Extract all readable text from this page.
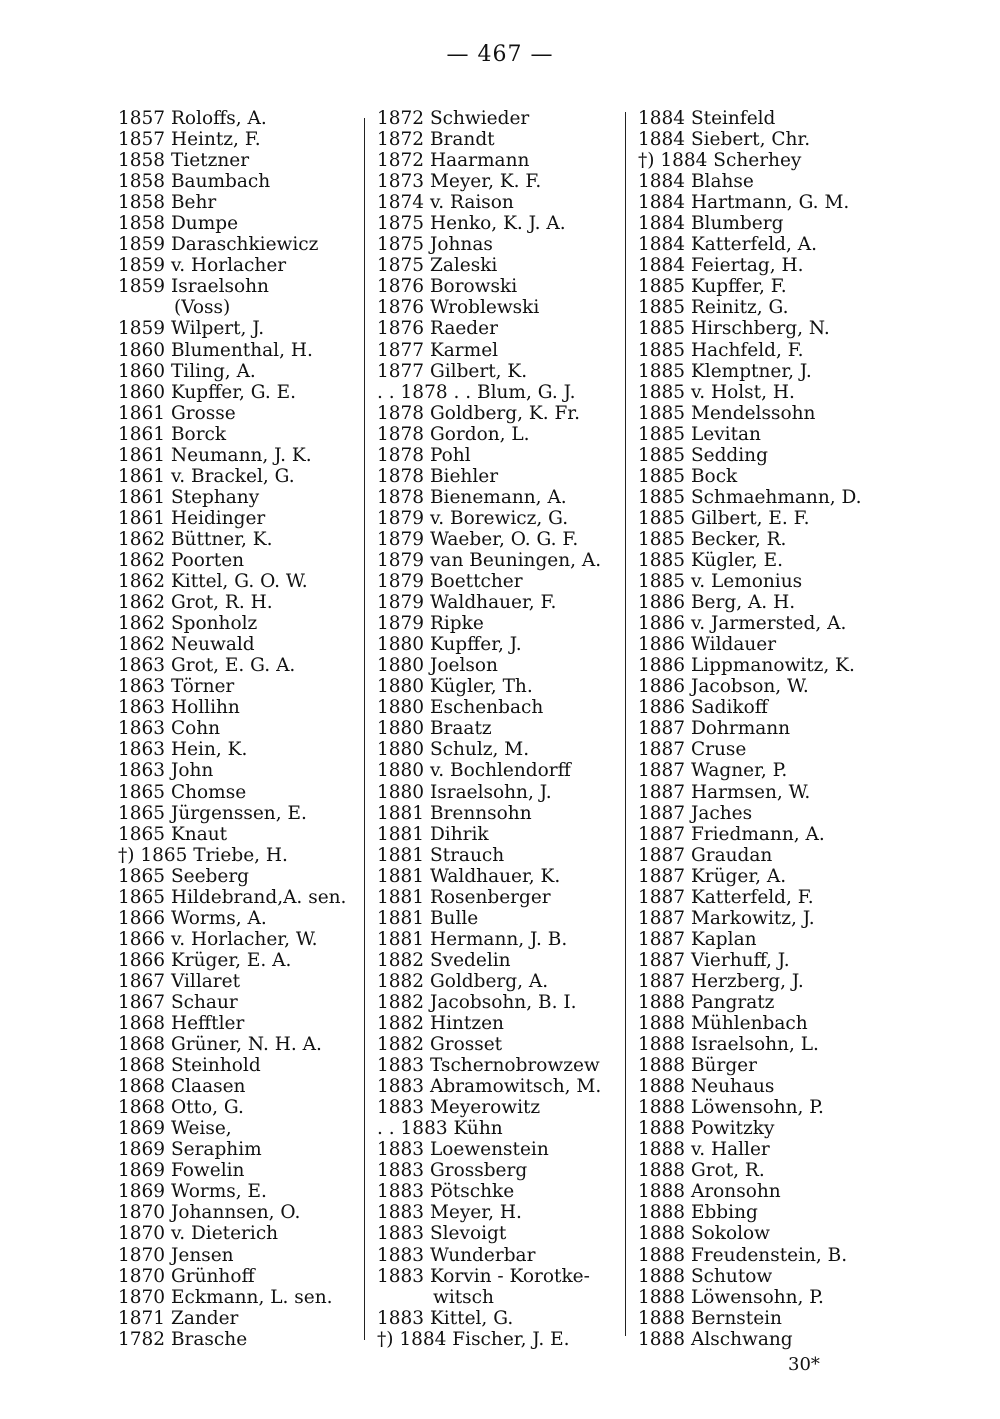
— 467 —
1857 Roloffs, A.
1857 Heintz, F.
1858 Tietzner
1858 Baumbach
1858 Behr
1858 Dumpe
1859 Daraschkiewicz
1859 v. Horlacher
1859 Israelsohn
(Voss)
1859 Wilpert, J.
1860 Blumenthal, H.
1860 Tiling, A.
1860 Kupffer, G. E.
1861 Grosse
1861 Borck
1861 Neumann, J. K.
1861 v. Brackel, G.
1861 Stephany
1861 Heidinger
1862 Büttner, K.
1862 Poorten
1862 Kittel, G. O. W.
1862 Grot, R. H.
1862 Sponholz
1862 Neuwald
1863 Grot, E. G. A.
1863 Törner
1863 Hollihn
1863 Cohn
1863 Hein, K.
1863 John
1865 Chomse
1865 Jürgenssen, E.
1865 Knaut
†) 1865 Triebe, H.
1865 Seeberg
1865 Hildebrand,A. sen.
1866 Worms, A.
1866 v. Horlacher, W.
1866 Krüger, E. A.
1867 Villaret
1867 Schaur
1868 Hefftler
1868 Grüner, N. H. A.
1868 Steinhold
1868 Claasen
1868 Otto, G.
1869 Weise,
1869 Seraphim
1869 Fowelin
1869 Worms, E.
1870 Johannsen, O.
1870 v. Dieterich
1870 Jensen
1870 Grünhoff
1870 Eckmann, L. sen.
1871 Zander
1782 Brasche
1872 Schwieder
1872 Brandt
1872 Haarmann
1873 Meyer, K. F.
1874 v. Raison
1875 Henko, K. J. A.
1875 Johnas
1875 Zaleski
1876 Borowski
1876 Wroblewski
1876 Raeder
1877 Karmel
1877 Gilbert, K.
. . 1878 . . Blum, G. J.
1878 Goldberg, K. Fr.
1878 Gordon, L.
1878 Pohl
1878 Biehler
1878 Bienemann, A.
1879 v. Borewicz, G.
1879 Waeber, O. G. F.
1879 van Beuningen, A.
1879 Boettcher
1879 Waldhauer, F.
1879 Ripke
1880 Kupffer, J.
1880 Joelson
1880 Kügler, Th.
1880 Eschenbach
1880 Braatz
1880 Schulz, M.
1880 v. Bochlendorff
1880 Israelsohn, J.
1881 Brennsohn
1881 Dihrik
1881 Strauch
1881 Waldhauer, K.
1881 Rosenberger
1881 Bulle
1881 Hermann, J. B.
1882 Svedelin
1882 Goldberg, A.
1882 Jacobsohn, B. I.
1882 Hintzen
1882 Grosset
1883 Tschernobrowzew
1883 Abramowitsch, M.
1883 Meyerowitz
. . 1883 Kühn
1883 Loewenstein
1883 Grossberg
1883 Pötschke
1883 Meyer, H.
1883 Slevoigt
1883 Wunderbar
1883 Korvin - Korotke-
witsch
1883 Kittel, G.
†) 1884 Fischer, J. E.
1884 Steinfeld
1884 Siebert, Chr.
†) 1884 Scherhey
1884 Blahse
1884 Hartmann, G. M.
1884 Blumberg
1884 Katterfeld, A.
1884 Feiertag, H.
1885 Kupffer, F.
1885 Reinitz, G.
1885 Hirschberg, N.
1885 Hachfeld, F.
1885 Klemptner, J.
1885 v. Holst, H.
1885 Mendelssohn
1885 Levitan
1885 Sedding
1885 Bock
1885 Schmaehmann, D.
1885 Gilbert, E. F.
1885 Becker, R.
1885 Kügler, E.
1885 v. Lemonius
1886 Berg, A. H.
1886 v. Jarmersted, A.
1886 Wildauer
1886 Lippmanowitz, K.
1886 Jacobson, W.
1886 Sadikoff
1887 Dohrmann
1887 Cruse
1887 Wagner, P.
1887 Harmsen, W.
1887 Jaches
1887 Friedmann, A.
1887 Graudan
1887 Krüger, A.
1887 Katterfeld, F.
1887 Markowitz, J.
1887 Kaplan
1887 Vierhuff, J.
1887 Herzberg, J.
1888 Pangratz
1888 Mühlenbach
1888 Israelsohn, L.
1888 Bürger
1888 Neuhaus
1888 Löwensohn, P.
1888 Powitzky
1888 v. Haller
1888 Grot, R.
1888 Aronsohn
1888 Ebbing
1888 Sokolow
1888 Freudenstein, B.
1888 Schutow
1888 Löwensohn, P.
1888 Bernstein
1888 Alschwang
30*
